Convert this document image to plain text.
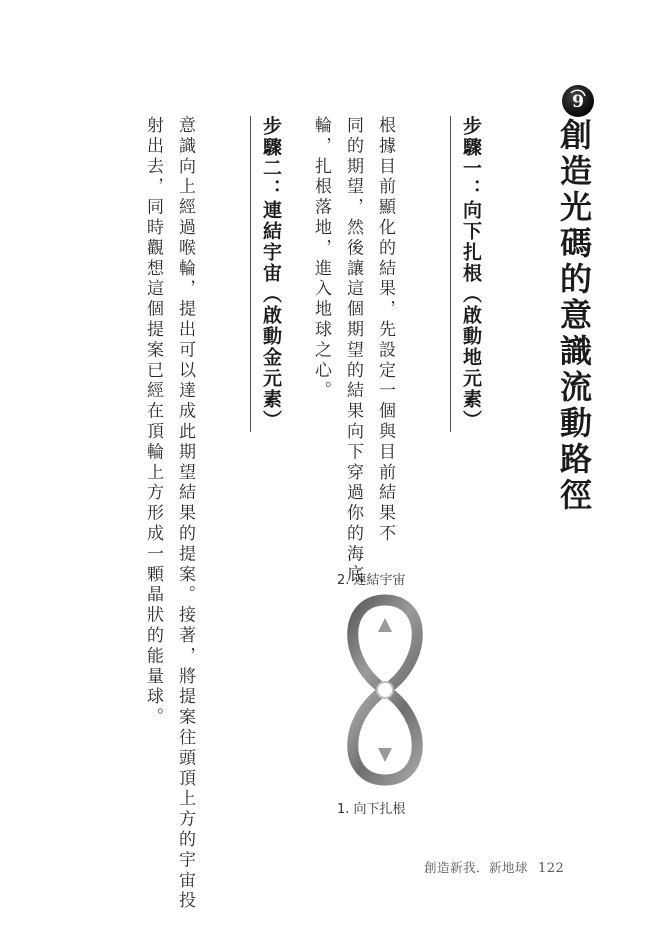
9
創造光碼的意識流動路徑
步驟一：向下扎根（啟動地元素）
根據目前顯化的結果，先設定一個與目前結果不
同的期望，然後讓這個期望的結果向下穿過你的海底
輪，扎根落地，進入地球之心。
步驟二：連結宇宙（啟動金元素）
意識向上經過喉輪，提出可以達成此期望結果的提案。接著，將提案往頭頂上方的宇宙投
射出去，同時觀想這個提案已經在頂輪上方形成一顆晶狀的能量球。	2. 連結宇宙
1. 向下扎根
創造新我．新地球 122
